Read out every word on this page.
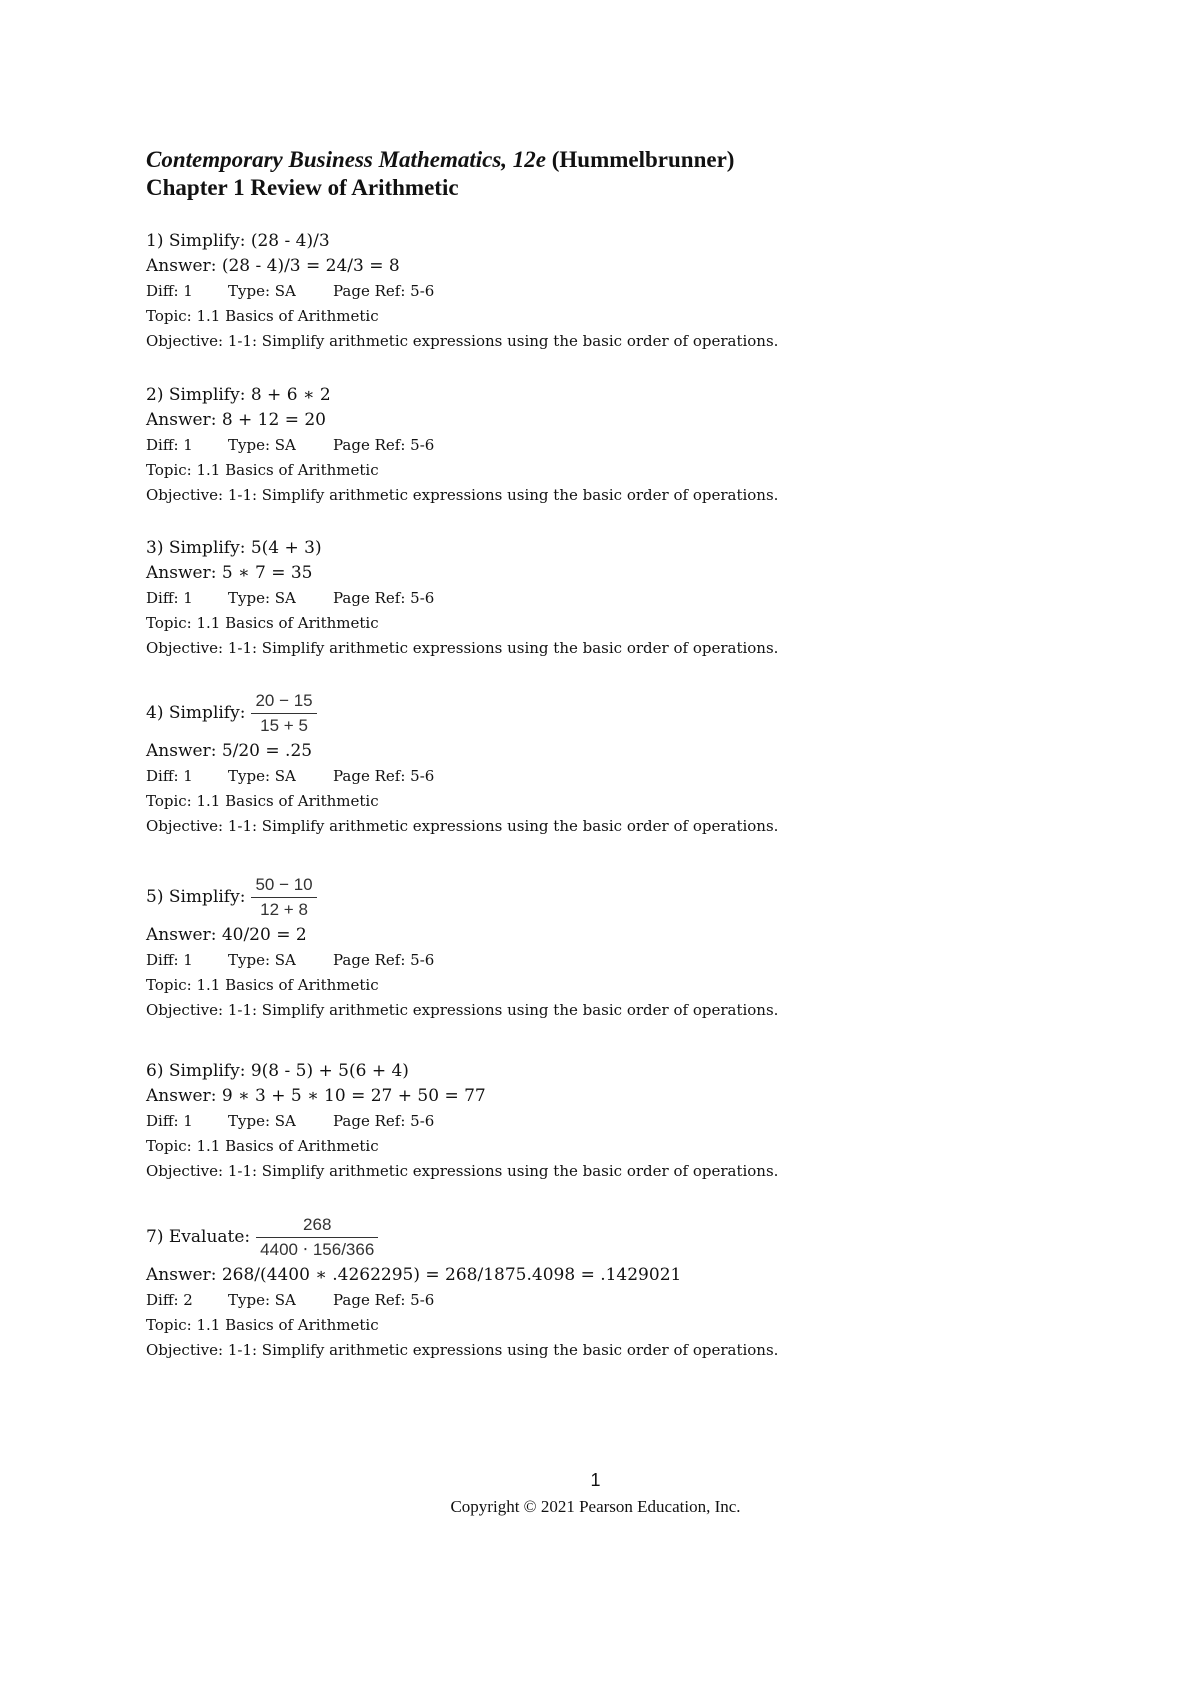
Contemporary Business Mathematics, 12e (Hummelbrunner)
Chapter 1 Review of Arithmetic
1) Simplify: (28 - 4)/3
Answer: (28 - 4)/3 = 24/3 = 8
Diff: 1 Type: SA Page Ref: 5-6
Topic: 1.1 Basics of Arithmetic
Objective: 1-1: Simplify arithmetic expressions using the basic order of operations.
2) Simplify: 8 + 6 ∗ 2
Answer: 8 + 12 = 20
Diff: 1 Type: SA Page Ref: 5-6
Topic: 1.1 Basics of Arithmetic
Objective: 1-1: Simplify arithmetic expressions using the basic order of operations.
3) Simplify: 5(4 + 3)
Answer: 5 ∗ 7 = 35
Diff: 1 Type: SA Page Ref: 5-6
Topic: 1.1 Basics of Arithmetic
Objective: 1-1: Simplify arithmetic expressions using the basic order of operations.
4) Simplify: $\frac{20 - 15}{15 + 5}$
Answer: 5/20 = .25
Diff: 1 Type: SA Page Ref: 5-6
Topic: 1.1 Basics of Arithmetic
Objective: 1-1: Simplify arithmetic expressions using the basic order of operations.
5) Simplify: $\frac{50 - 10}{12 + 8}$
Answer: 40/20 = 2
Diff: 1 Type: SA Page Ref: 5-6
Topic: 1.1 Basics of Arithmetic
Objective: 1-1: Simplify arithmetic expressions using the basic order of operations.
6) Simplify: 9(8 - 5) + 5(6 + 4)
Answer: 9 ∗ 3 + 5 ∗ 10 = 27 + 50 = 77
Diff: 1 Type: SA Page Ref: 5-6
Topic: 1.1 Basics of Arithmetic
Objective: 1-1: Simplify arithmetic expressions using the basic order of operations.
7) Evaluate: $\frac{268}{4400 \cdot 156/366}$
Answer: 268/(4400 ∗ .4262295) = 268/1875.4098 = .1429021
Diff: 2 Type: SA Page Ref: 5-6
Topic: 1.1 Basics of Arithmetic
Objective: 1-1: Simplify arithmetic expressions using the basic order of operations.
1
Copyright © 2021 Pearson Education, Inc.
